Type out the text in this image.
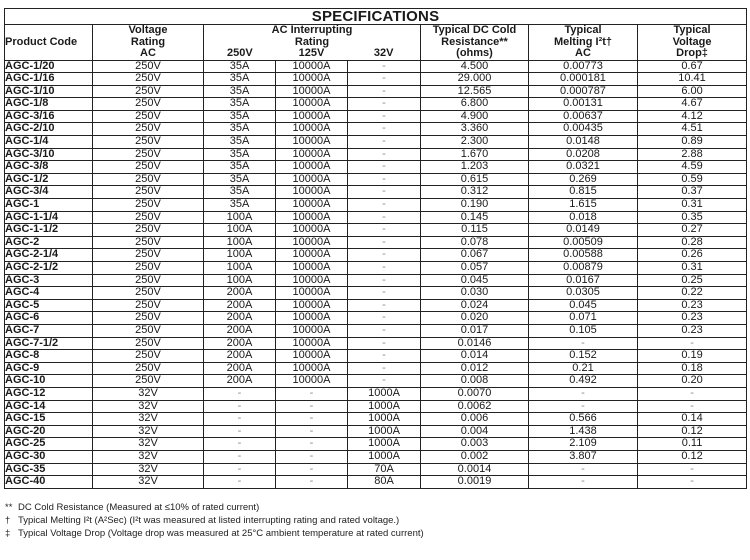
SPECIFICATIONS							
Product Code	
Voltage
Rating
AC

AC Interrupting
Rating
250V	125V	32V

Typical DC Cold
Resistance**
(ohms)

Typical
Melting I²t†
AC

Typical
Voltage
Drop‡

AGC-1/20	250V	35A	10000A	-	4.500	0.00773	0.67
AGC-1/16	250V	35A	10000A	-	29.000	0.000181	10.41
AGC-1/10	250V	35A	10000A	-	12.565	0.000787	6.00
AGC-1/8	250V	35A	10000A	-	6.800	0.00131	4.67
AGC-3/16	250V	35A	10000A	-	4.900	0.00637	4.12
AGC-2/10	250V	35A	10000A	-	3.360	0.00435	4.51
AGC-1/4	250V	35A	10000A	-	2.300	0.0148	0.89
AGC-3/10	250V	35A	10000A	-	1.670	0.0208	2.88
AGC-3/8	250V	35A	10000A	-	1.203	0.0321	4.59
AGC-1/2	250V	35A	10000A	-	0.615	0.269	0.59
AGC-3/4	250V	35A	10000A	-	0.312	0.815	0.37
AGC-1	250V	35A	10000A	-	0.190	1.615	0.31
AGC-1-1/4	250V	100A	10000A	-	0.145	0.018	0.35
AGC-1-1/2	250V	100A	10000A	-	0.115	0.0149	0.27
AGC-2	250V	100A	10000A	-	0.078	0.00509	0.28
AGC-2-1/4	250V	100A	10000A	-	0.067	0.00588	0.26
AGC-2-1/2	250V	100A	10000A	-	0.057	0.00879	0.31
AGC-3	250V	100A	10000A	-	0.045	0.0167	0.25
AGC-4	250V	200A	10000A	-	0.030	0.0305	0.22
AGC-5	250V	200A	10000A	-	0.024	0.045	0.23
AGC-6	250V	200A	10000A	-	0.020	0.071	0.23
AGC-7	250V	200A	10000A	-	0.017	0.105	0.23
AGC-7-1/2	250V	200A	10000A	-	0.0146	-	-
AGC-8	250V	200A	10000A	-	0.014	0.152	0.19
AGC-9	250V	200A	10000A	-	0.012	0.21	0.18
AGC-10	250V	200A	10000A	-	0.008	0.492	0.20
AGC-12	32V	-	-	1000A	0.0070	-	-
AGC-14	32V	-	-	1000A	0.0062	-	-
AGC-15	32V	-	-	1000A	0.006	0.566	0.14
AGC-20	32V	-	-	1000A	0.004	1.438	0.12
AGC-25	32V	-	-	1000A	0.003	2.109	0.11
AGC-30	32V	-	-	1000A	0.002	3.807	0.12
AGC-35	32V	-	-	70A	0.0014	-	-
AGC-40	32V	-	-	80A	0.0019	-	-
** DC Cold Resistance (Measured at ≤10% of rated current)
† Typical Melting I²t (A²Sec) (I²t was measured at listed interrupting rating and rated voltage.)
‡ Typical Voltage Drop (Voltage drop was measured at 25°C ambient temperature at rated current)
